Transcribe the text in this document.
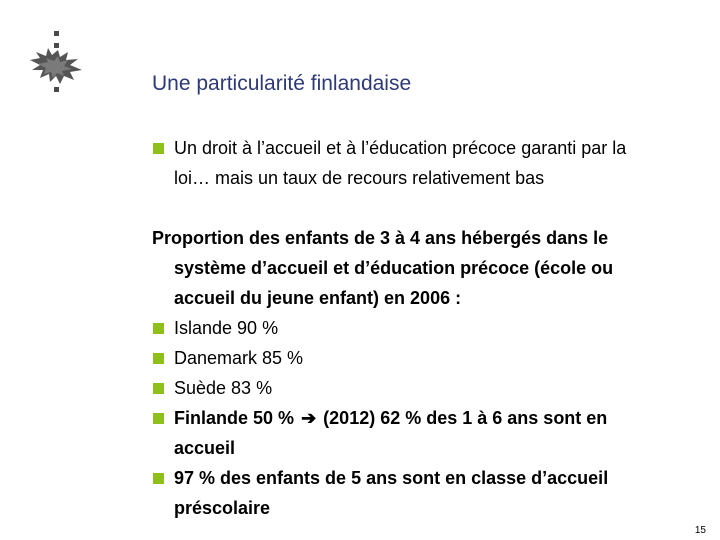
Une particularité finlandaise
Un droit à l’accueil et à l’éducation précoce garanti par la
loi… mais un taux de recours relativement bas
Proportion des enfants de 3 à 4 ans hébergés dans le
système d’accueil et d’éducation précoce (école ou
accueil du jeune enfant) en 2006 :
Islande 90 %
Danemark 85 %
Suède 83 %
Finlande 50 % ➔ (2012) 62 % des 1 à 6 ans sont en
accueil
97 % des enfants de 5 ans sont en classe d’accueil
préscolaire
15
